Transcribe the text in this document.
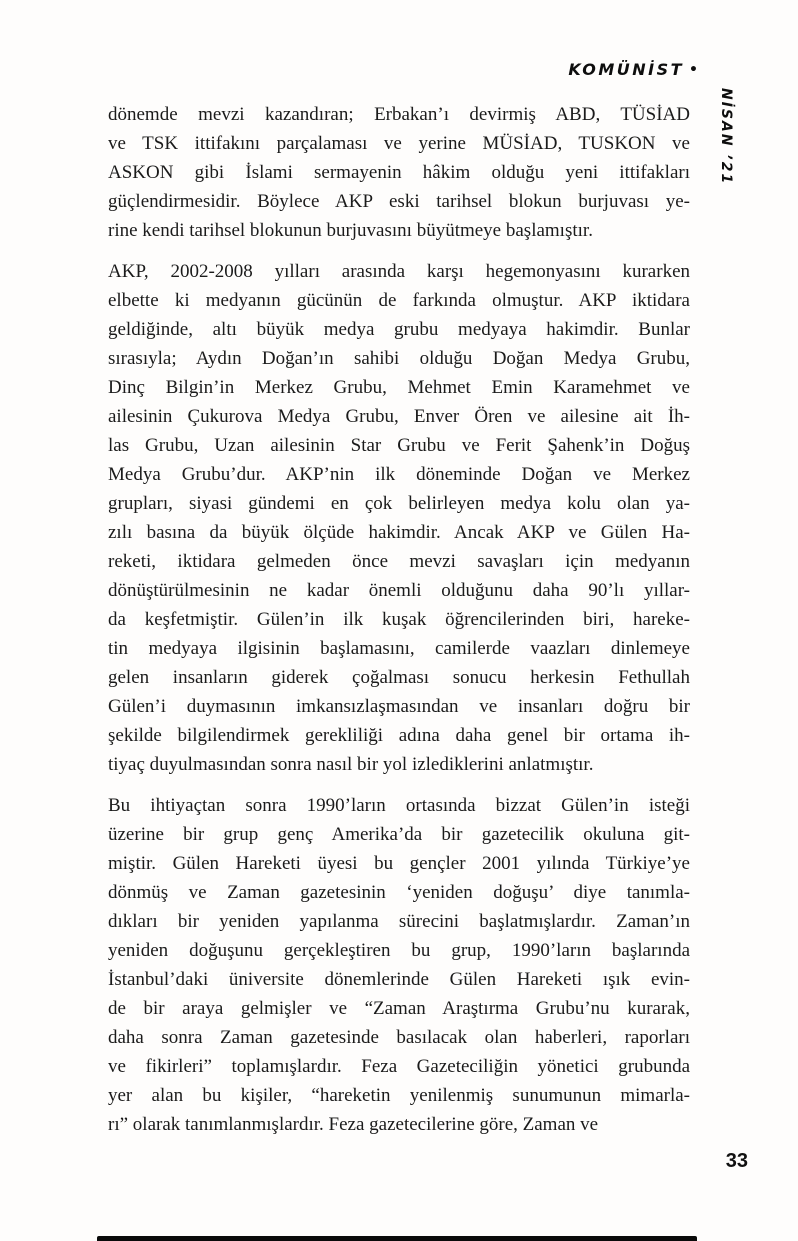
KOMÜNİST •
NİSAN ’21
dönemde mevzi kazandıran; Erbakan’ı devirmiş ABD, TÜSİAD
ve TSK ittifakını parçalaması ve yerine MÜSİAD, TUSKON ve
ASKON gibi İslami sermayenin hâkim olduğu yeni ittifakları
güçlendirmesidir. Böylece AKP eski tarihsel blokun burjuvası ye-
rine kendi tarihsel blokunun burjuvasını büyütmeye başlamıştır.
AKP, 2002-2008 yılları arasında karşı hegemonyasını kurarken
elbette ki medyanın gücünün de farkında olmuştur. AKP iktidara
geldiğinde, altı büyük medya grubu medyaya hakimdir. Bunlar
sırasıyla; Aydın Doğan’ın sahibi olduğu Doğan Medya Grubu,
Dinç Bilgin’in Merkez Grubu, Mehmet Emin Karamehmet ve
ailesinin Çukurova Medya Grubu, Enver Ören ve ailesine ait İh-
las Grubu, Uzan ailesinin Star Grubu ve Ferit Şahenk’in Doğuş
Medya Grubu’dur. AKP’nin ilk döneminde Doğan ve Merkez
grupları, siyasi gündemi en çok belirleyen medya kolu olan ya-
zılı basına da büyük ölçüde hakimdir. Ancak AKP ve Gülen Ha-
reketi, iktidara gelmeden önce mevzi savaşları için medyanın
dönüştürülmesinin ne kadar önemli olduğunu daha 90’lı yıllar-
da keşfetmiştir. Gülen’in ilk kuşak öğrencilerinden biri, hareke-
tin medyaya ilgisinin başlamasını, camilerde vaazları dinlemeye
gelen insanların giderek çoğalması sonucu herkesin Fethullah
Gülen’i duymasının imkansızlaşmasından ve insanları doğru bir
şekilde bilgilendirmek gerekliliği adına daha genel bir ortama ih-
tiyaç duyulmasından sonra nasıl bir yol izlediklerini anlatmıştır.
Bu ihtiyaçtan sonra 1990’ların ortasında bizzat Gülen’in isteği
üzerine bir grup genç Amerika’da bir gazetecilik okuluna git-
miştir. Gülen Hareketi üyesi bu gençler 2001 yılında Türkiye’ye
dönmüş ve Zaman gazetesinin ‘yeniden doğuşu’ diye tanımla-
dıkları bir yeniden yapılanma sürecini başlatmışlardır. Zaman’ın
yeniden doğuşunu gerçekleştiren bu grup, 1990’ların başlarında
İstanbul’daki üniversite dönemlerinde Gülen Hareketi ışık evin-
de bir araya gelmişler ve “Zaman Araştırma Grubu’nu kurarak,
daha sonra Zaman gazetesinde basılacak olan haberleri, raporları
ve fikirleri” toplamışlardır. Feza Gazeteciliğin yönetici grubunda
yer alan bu kişiler, “hareketin yenilenmiş sunumunun mimarla-
rı” olarak tanımlanmışlardır. Feza gazetecilerine göre, Zaman ve
33
